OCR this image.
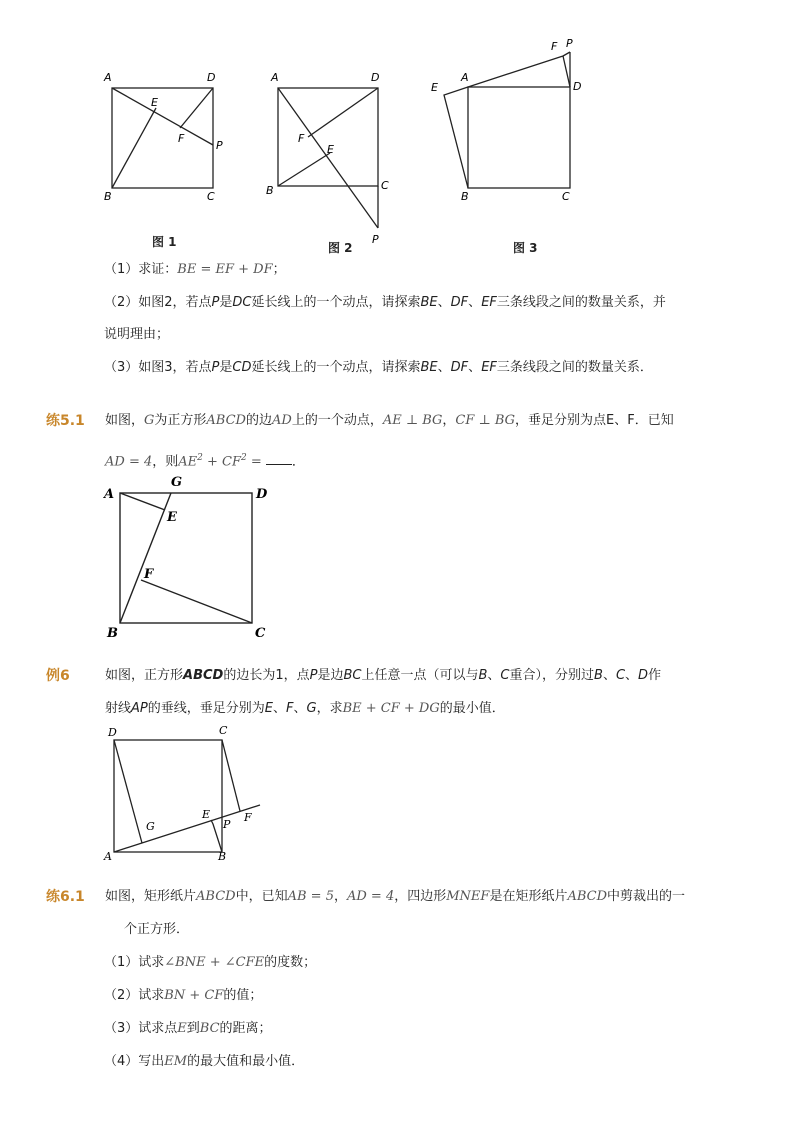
A	D
E
F
P
B	C
图 1
A	D
F
E
C
B
P
图 2
F P
A
D
E
B	C
图 3
（1）求证：BE = EF + DF；
（2）如图2，若点P是DC延长线上的一个动点，请探索BE、DF、EF三条线段之间的数量关系，并
说明理由；
（3）如图3，若点P是CD延长线上的一个动点，请探索BE、DF、EF三条线段之间的数量关系．
练5.1 如图，G为正方形ABCD的边AD上的一个动点，AE ⊥ BG，CF ⊥ BG，垂足分别为点E、F．已知
AD = 4，则$AE^2 + CF^2$ = ．
A
G
D
E
F
B	C
例6	如图，正方形ABCD的边长为1，点P是边BC上任意一点（可以与B、C重合），分别过B、C、D作
射线AP的垂线，垂足分别为E、F、G，求BE + CF + DG的最小值．
D	C
E	F
P
G
A	B
练6.1 如图，矩形纸片ABCD中，已知AB = 5，AD = 4，四边形MNEF是在矩形纸片ABCD中剪裁出的一
个正方形．
（1）试求∠BNE + ∠CFE的度数；
（2）试求BN + CF的值；
（3）试求点E到BC的距离；
（4）写出EM的最大值和最小值．
